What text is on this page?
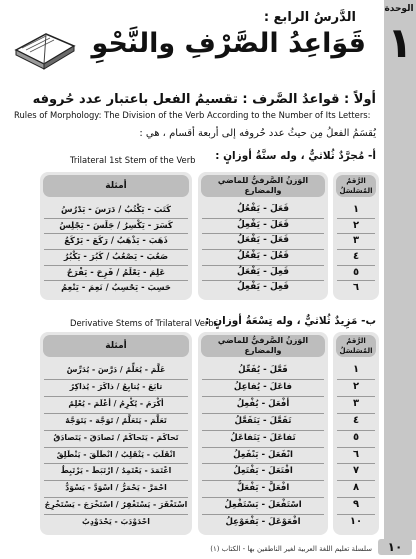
الوحدة
١
الدَّرسُ الرابع :
قَوَاعِدُ الصَّرْفِ والنَّحْوِ
أولاً : قواعدُ الصَّرف : تقسيمُ الفعل باعتبار عدد حُروفه
Rules of Morphology: The Division of the Verb According to the Number of Its Letters:
يُقسَمُ الفعلُ مِن حيثُ عدد حُروفه إلى أربعة أقسام ، هي :
أ- مُجرَّدٌ ثُلاثيٌّ ، وله ستَّةُ أوزانٍ :
Trilateral 1st Stem of the Verb
الرَّقمُ المُسَلسَلُ
١
٢
٣
٤
٥
٦
الوَزنُ الصَّرفيُّ للماضي والمضارع
فَعَلَ - يَفْعُلُ
فَعَلَ - يَفْعِلُ
فَعَلَ - يَفْعَلُ
فَعُلَ - يَفْعُلُ
فَعِلَ - يَفْعَلُ
فَعِلَ - يَفْعِلُ
أمثلة
كَتَبَ - يَكْتُبُ / دَرَسَ - يَدْرُسُ
كَسَرَ - يَكْسِرُ / جَلَسَ - يَجْلِسُ
ذَهَبَ - يَذْهَبُ / رَكَعَ - يَرْكَعُ
صَعُبَ - يَصْعُبُ / كَبُرَ - يَكْبُرُ
عَلِمَ - يَعْلَمُ / فَرِحَ - يَفْرَحُ
حَسِبَ - يَحْسِبُ / نَعِمَ - يَنْعِمُ
ب- مَزِيدٌ ثُلاثيٌّ ، وله تِسْعَةُ أوزانٍ :
Derivative Stems of Trilateral Verbs
الرَّقمُ المُسَلسَلُ
١
٢
٣
٤
٥
٦
٧
٨
٩
١٠
الوَزنُ الصَّرفيُّ للماضي والمضارع
فَعَّلَ - يُفَعِّلُ
فاعَلَ - يُفاعِلُ
أفْعَلَ - يُفْعِلُ
تَفَعَّلَ - يَتَفَعَّلُ
تَفاعَلَ - يَتَفاعَلُ
انْفَعَلَ - يَنْفَعِلُ
افْتَعَلَ - يَفْتَعِلُ
افْعَلَّ - يَفْعَلُّ
اسْتَفْعَلَ - يَسْتَفْعِلُ
افْعَوْعَلَ - يَفْعَوْعِلُ
أمثلة
عَلَّمَ - يُعَلِّمُ / دَرَّسَ - يُدَرِّسُ
تابَعَ - يُتابِعُ / ذاكَرَ - يُذاكِرُ
أكْرَمَ - يُكْرِمُ / أعْلَمَ - يُعْلِمُ
تَعَلَّمَ - يَتَعَلَّمُ / تَوَجَّهَ - يَتَوَجَّهُ
تَحاكَمَ - يَتَحاكَمُ / تَصادَقَ - يَتَصادَقُ
انْقَلَبَ - يَنْقَلِبُ / انْطَلَقَ - يَنْطَلِقُ
اعْتَمَدَ - يَعْتَمِدُ / ارْتَبَطَ - يَرْتَبِطُ
احْمَرَّ - يَحْمَرُّ / اسْوَدَّ - يَسْوَدُّ
اسْتَغْفَرَ - يَسْتَغْفِرُ / اسْتَخْرَجَ - يَسْتَخْرِجُ
احْدَوْدَبَ - يَحْدَوْدِبُ
سلسلة تعليم اللغة العربية لغير الناطقين بها - الكتاب (١)	١٠
